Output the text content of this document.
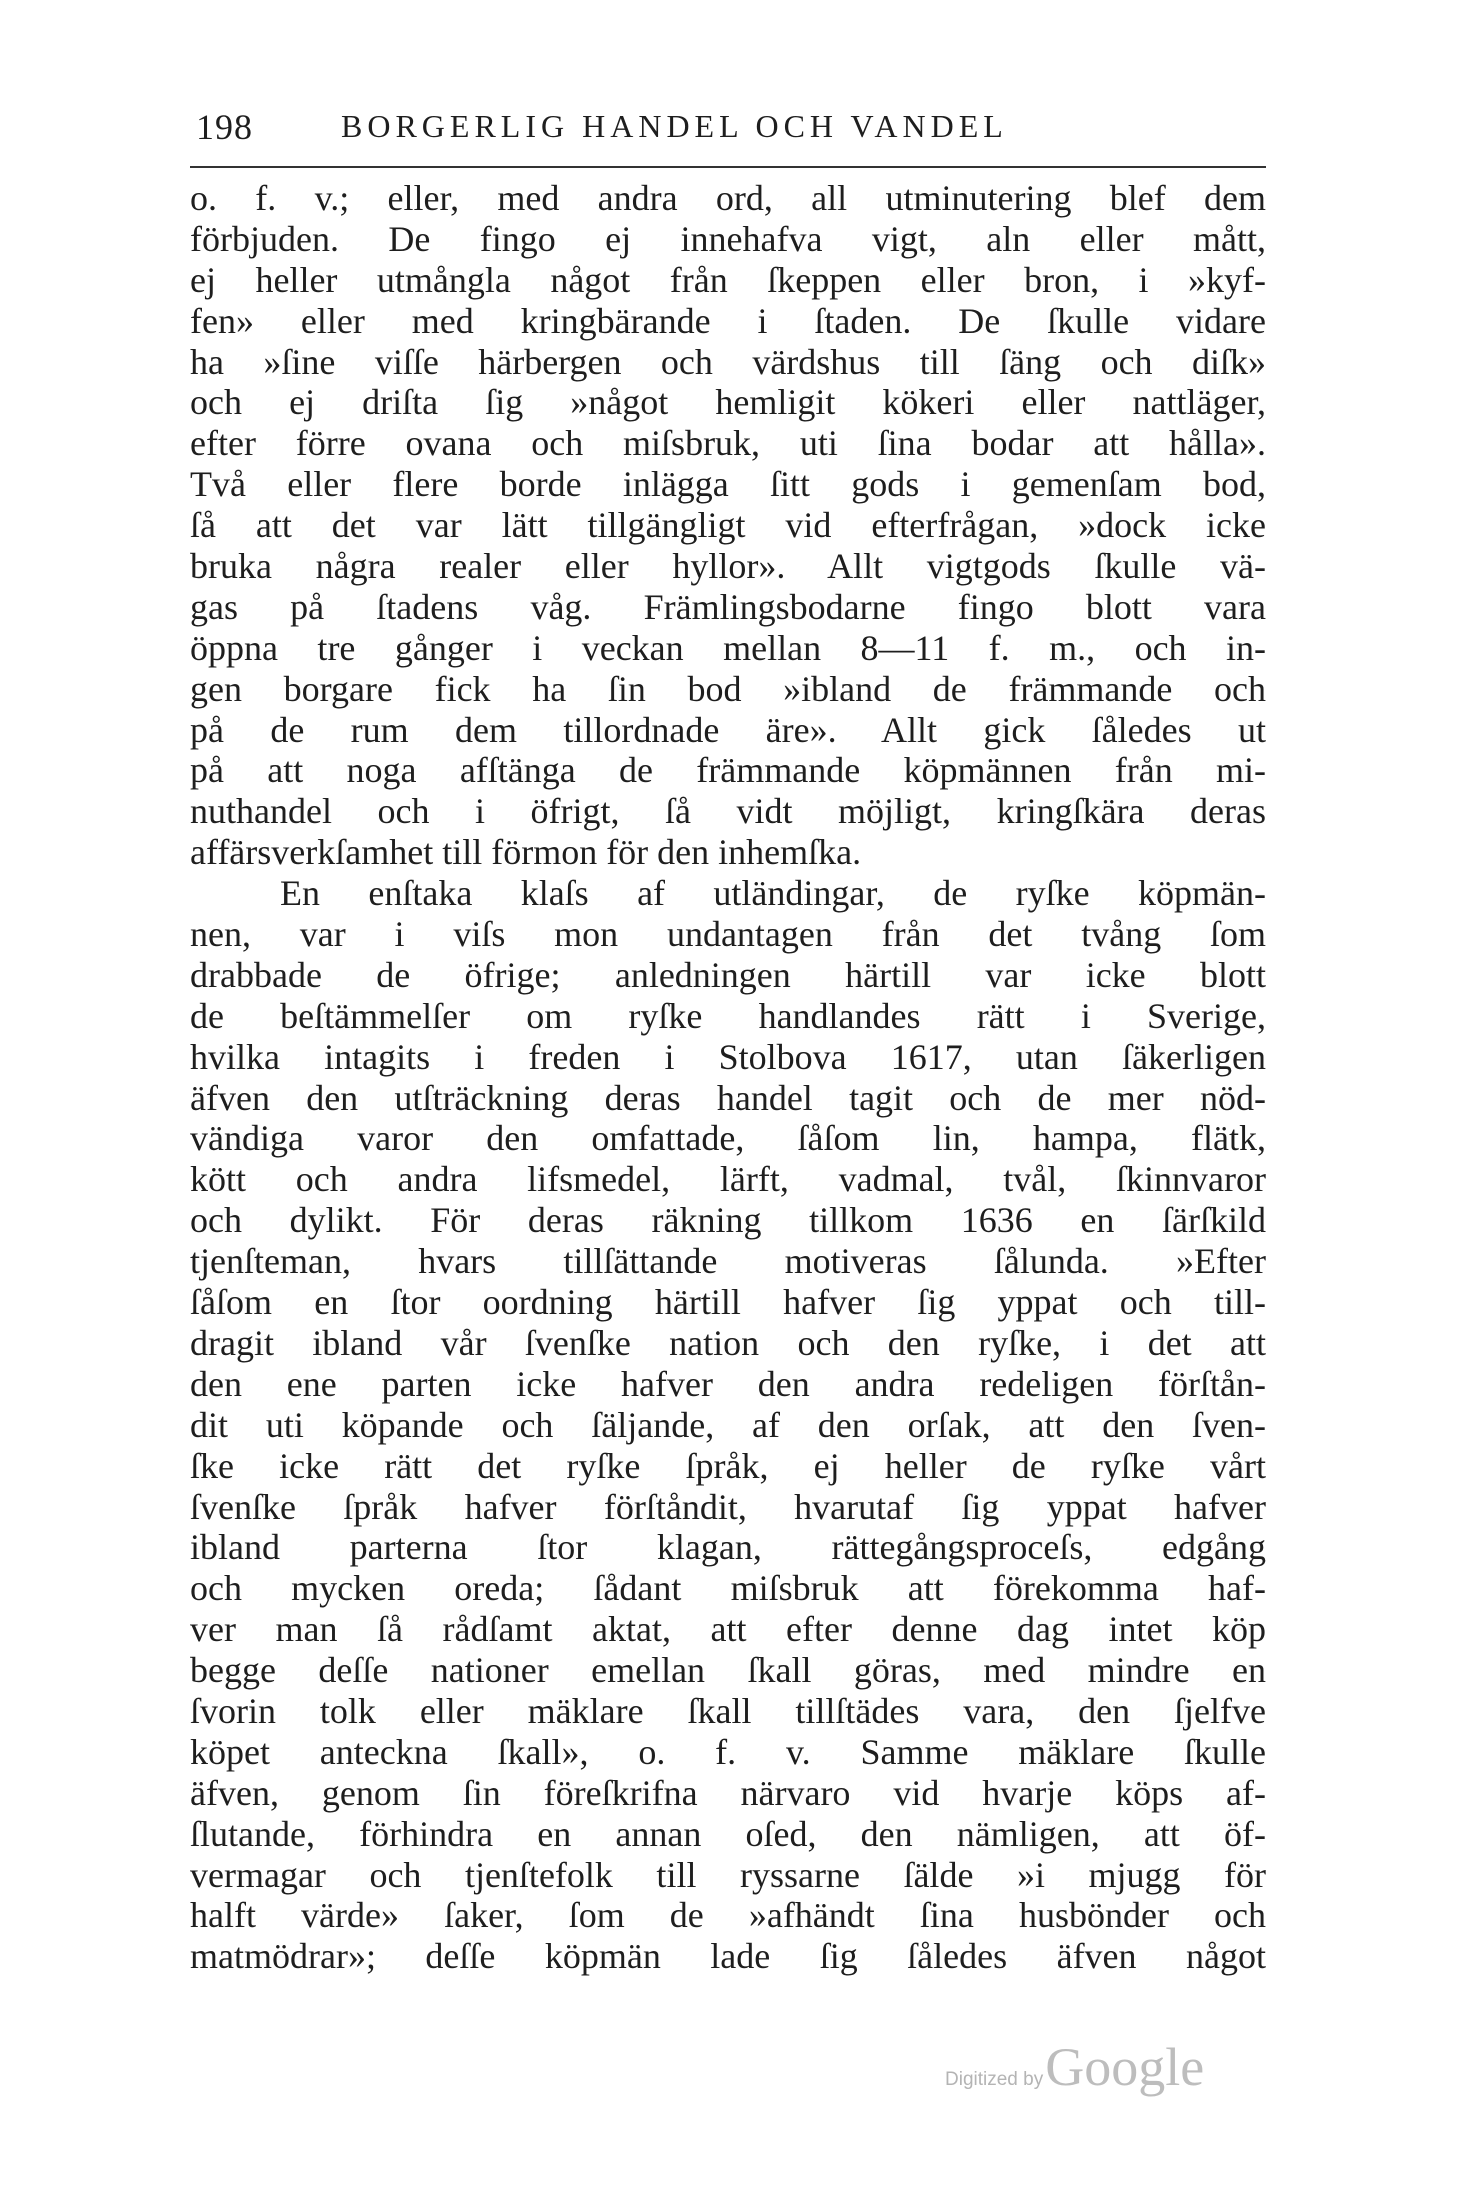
198	BORGERLIG HANDEL OCH VANDEL
o. f. v.; eller, med andra ord, all utminutering blef dem
förbjuden. De fingo ej innehafva vigt, aln eller mått,
ej heller utmångla något från ſkeppen eller bron, i »kyf-
fen» eller med kringbärande i ſtaden. De ſkulle vidare
ha »ſine viſſe härbergen och värdshus till ſäng och diſk»
och ej driſta ſig »något hemligit kökeri eller nattläger,
efter förre ovana och miſsbruk, uti ſina bodar att hålla».
Två eller flere borde inlägga ſitt gods i gemenſam bod,
ſå att det var lätt tillgängligt vid efterfrågan, »dock icke
bruka några realer eller hyllor». Allt vigtgods ſkulle vä-
gas på ſtadens våg. Främlingsbodarne fingo blott vara
öppna tre gånger i veckan mellan 8—11 f. m., och in-
gen borgare fick ha ſin bod »ibland de främmande och
på de rum dem tillordnade äre». Allt gick ſåledes ut
på att noga afſtänga de främmande köpmännen från mi-
nuthandel och i öfrigt, ſå vidt möjligt, kringſkära deras
affärsverkſamhet till förmon för den inhemſka.
En enſtaka klaſs af utländingar, de ryſke köpmän-
nen, var i viſs mon undantagen från det tvång ſom
drabbade de öfrige; anledningen härtill var icke blott
de beſtämmelſer om ryſke handlandes rätt i Sverige,
hvilka intagits i freden i Stolbova 1617, utan ſäkerligen
äfven den utſträckning deras handel tagit och de mer nöd-
vändiga varor den omfattade, ſåſom lin, hampa, flätk,
kött och andra lifsmedel, lärft, vadmal, tvål, ſkinnvaror
och dylikt. För deras räkning tillkom 1636 en ſärſkild
tjenſteman, hvars tillſättande motiveras ſålunda. »Efter
ſåſom en ſtor oordning härtill hafver ſig yppat och till-
dragit ibland vår ſvenſke nation och den ryſke, i det att
den ene parten icke hafver den andra redeligen förſtån-
dit uti köpande och ſäljande, af den orſak, att den ſven-
ſke icke rätt det ryſke ſpråk, ej heller de ryſke vårt
ſvenſke ſpråk hafver förſtåndit, hvarutaf ſig yppat hafver
ibland parterna ſtor klagan, rättegångsproceſs, edgång
och mycken oreda; ſådant miſsbruk att förekomma haf-
ver man ſå rådſamt aktat, att efter denne dag intet köp
begge deſſe nationer emellan ſkall göras, med mindre en
ſvorin tolk eller mäklare ſkall tillſtädes vara, den ſjelfve
köpet anteckna ſkall», o. f. v. Samme mäklare ſkulle
äfven, genom ſin föreſkrifna närvaro vid hvarje köps af-
ſlutande, förhindra en annan oſed, den nämligen, att öf-
vermagar och tjenſtefolk till ryssarne ſälde »i mjugg för
halft värde» ſaker, ſom de »afhändt ſina husbönder och
matmödrar»; deſſe köpmän lade ſig ſåledes äfven något
Digitized byGoogle
